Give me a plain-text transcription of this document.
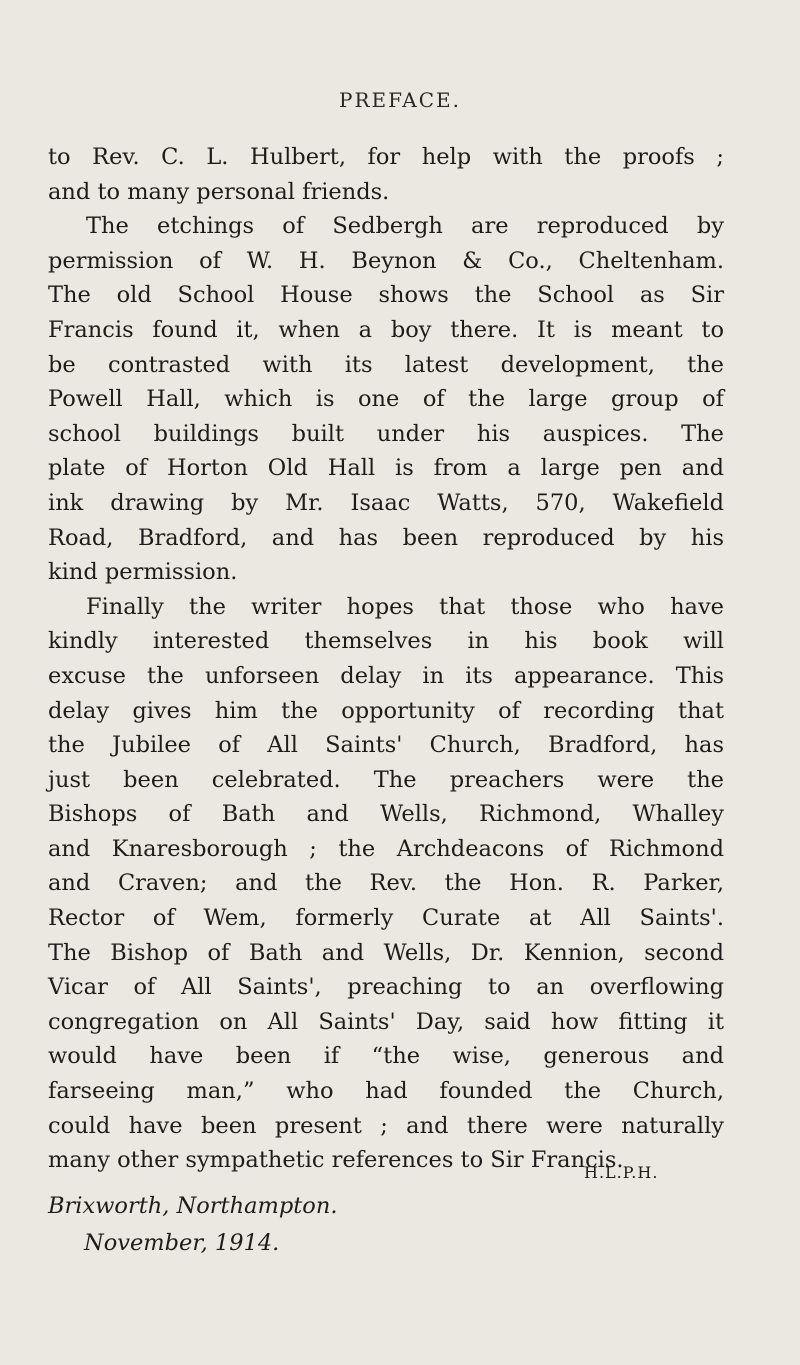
PREFACE.
to Rev. C. L. Hulbert, for help with the proofs ;
and to many personal friends.
The etchings of Sedbergh are reproduced by
permission of W. H. Beynon & Co., Cheltenham.
The old School House shows the School as Sir
Francis found it, when a boy there. It is meant to
be contrasted with its latest development, the
Powell Hall, which is one of the large group of
school buildings built under his auspices. The
plate of Horton Old Hall is from a large pen and
ink drawing by Mr. Isaac Watts, 570, Wakefield
Road, Bradford, and has been reproduced by his
kind permission.
Finally the writer hopes that those who have
kindly interested themselves in his book will
excuse the unforseen delay in its appearance. This
delay gives him the opportunity of recording that
the Jubilee of All Saints' Church, Bradford, has
just been celebrated. The preachers were the
Bishops of Bath and Wells, Richmond, Whalley
and Knaresborough ; the Archdeacons of Richmond
and Craven; and the Rev. the Hon. R. Parker,
Rector of Wem, formerly Curate at All Saints'.
The Bishop of Bath and Wells, Dr. Kennion, second
Vicar of All Saints', preaching to an overflowing
congregation on All Saints' Day, said how fitting it
would have been if “the wise, generous and
farseeing man,” who had founded the Church,
could have been present ; and there were naturally
many other sympathetic references to Sir Francis.
H.L.P.H.
Brixworth, Northampton.
November, 1914.
